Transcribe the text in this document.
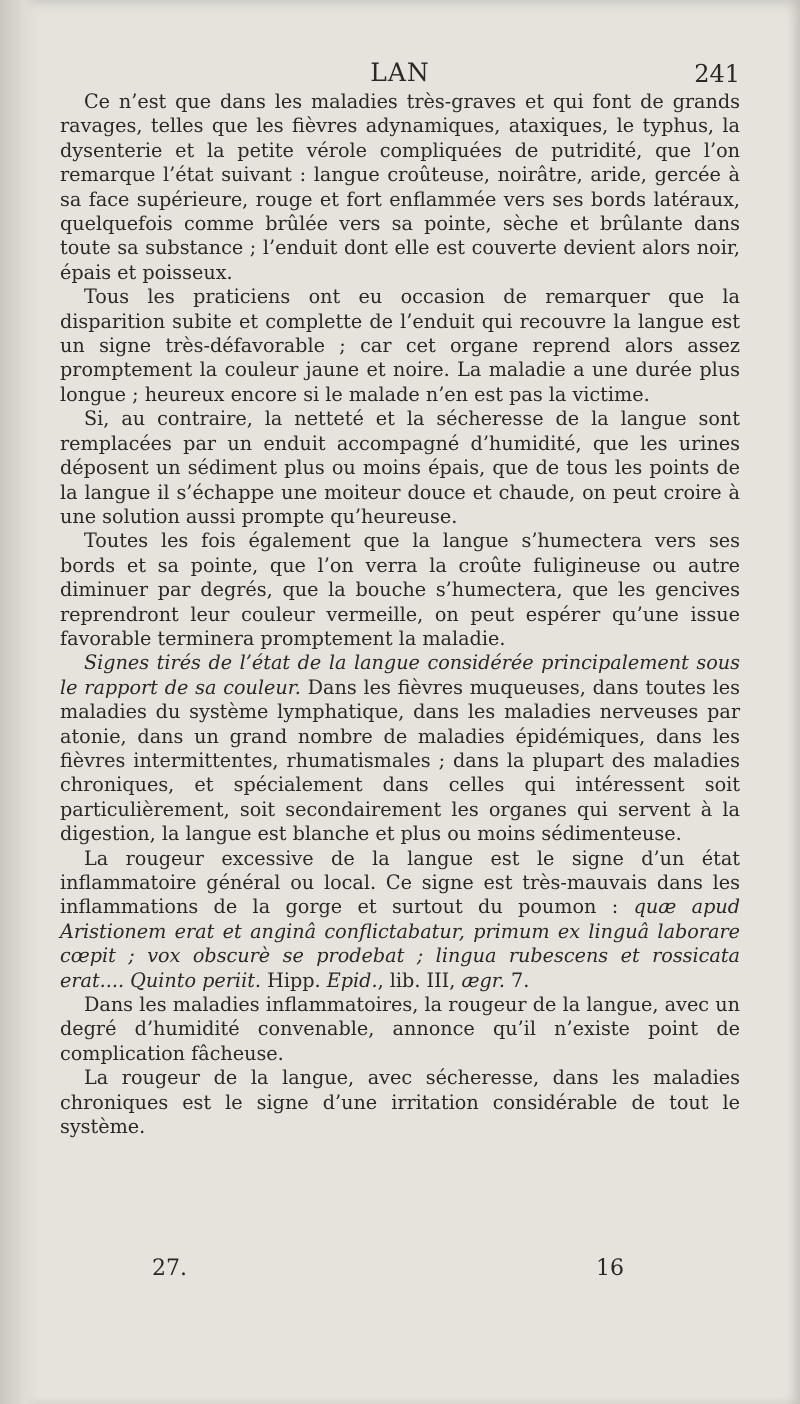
LAN	241

Ce n’est que dans les maladies très-graves et qui font de grands ravages, telles que les fièvres adynamiques, ataxiques, le typhus, la dysenterie et la petite vérole compliquées de putridité, que l’on remarque l’état suivant : langue croûteuse, noirâtre, aride, gercée à sa face supérieure, rouge et fort enflammée vers ses bords latéraux, quelquefois comme brûlée vers sa pointe, sèche et brûlante dans toute sa substance ; l’enduit dont elle est couverte devient alors noir, épais et poisseux.

Tous les praticiens ont eu occasion de remarquer que la disparition subite et complette de l’enduit qui recouvre la langue est un signe très-défavorable ; car cet organe reprend alors assez promptement la couleur jaune et noire. La maladie a une durée plus longue ; heureux encore si le malade n’en est pas la victime.

Si, au contraire, la netteté et la sécheresse de la langue sont remplacées par un enduit accompagné d’humidité, que les urines déposent un sédiment plus ou moins épais, que de tous les points de la langue il s’échappe une moiteur douce et chaude, on peut croire à une solution aussi prompte qu’heureuse.

Toutes les fois également que la langue s’humectera vers ses bords et sa pointe, que l’on verra la croûte fuligineuse ou autre diminuer par degrés, que la bouche s’humectera, que les gencives reprendront leur couleur vermeille, on peut espérer qu’une issue favorable terminera promptement la maladie.

Signes tirés de l’état de la langue considérée principalement sous le rapport de sa couleur. Dans les fièvres muqueuses, dans toutes les maladies du système lymphatique, dans les maladies nerveuses par atonie, dans un grand nombre de maladies épidémiques, dans les fièvres intermittentes, rhumatismales ; dans la plupart des maladies chroniques, et spécialement dans celles qui intéressent soit particulièrement, soit secondairement les organes qui servent à la digestion, la langue est blanche et plus ou moins sédimenteuse.

La rougeur excessive de la langue est le signe d’un état inflammatoire général ou local. Ce signe est très-mauvais dans les inflammations de la gorge et surtout du poumon : quæ apud Aristionem erat et anginâ conflictabatur, primum ex linguâ laborare cœpit ; vox obscurè se prodebat ; lingua rubescens et rossicata erat.... Quinto periit. Hipp. Epid., lib. III, ægr. 7.

Dans les maladies inflammatoires, la rougeur de la langue, avec un degré d’humidité convenable, annonce qu’il n’existe point de complication fâcheuse.

La rougeur de la langue, avec sécheresse, dans les maladies chroniques est le signe d’une irritation considérable de tout le système.

27.	16
